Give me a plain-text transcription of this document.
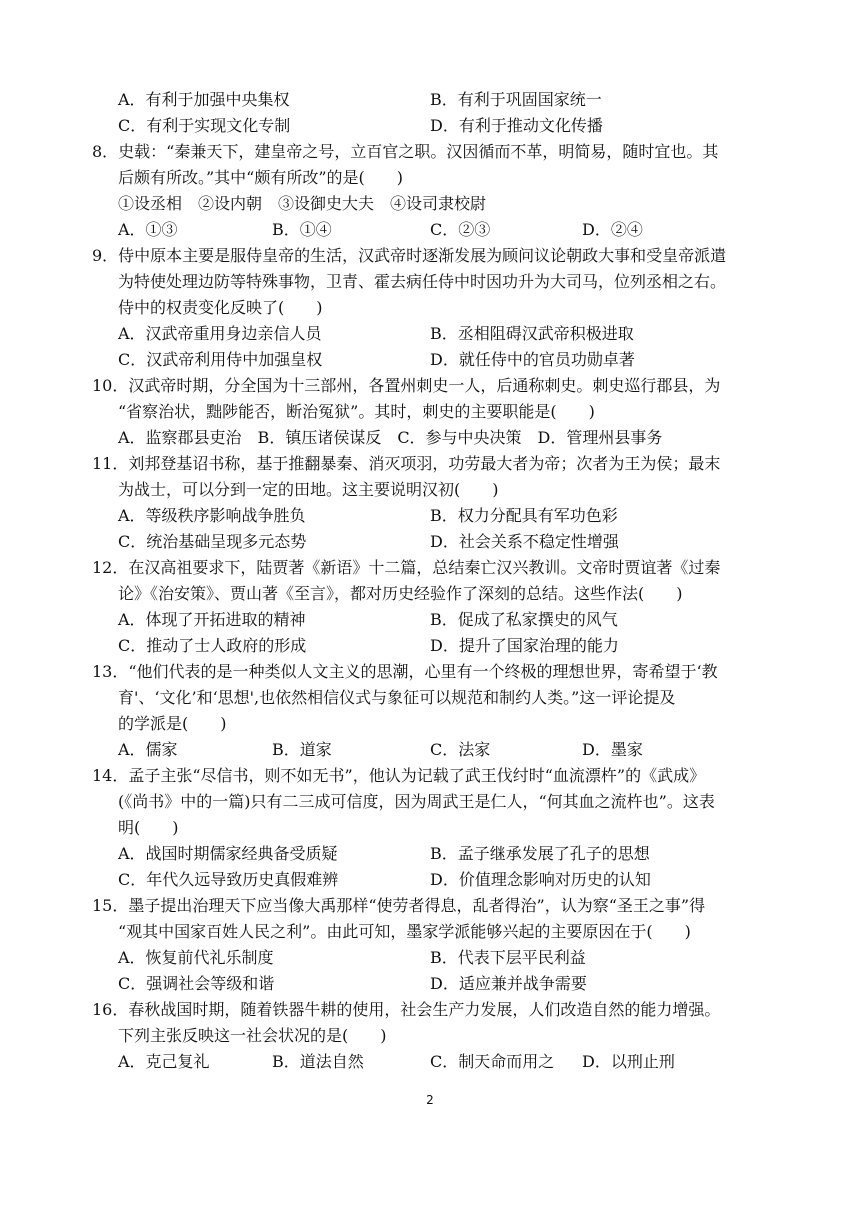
A．有利于加强中央集权	B．有利于巩固国家统一
C．有利于实现文化专制	D．有利于推动文化传播
8．史载：“秦兼天下，建皇帝之号，立百官之职。汉因循而不革，明简易，随时宜也。其
后颇有所改。”其中“颇有所改”的是(　　)
①设丞相　②设内朝　③设御史大夫　④设司隶校尉
A．①③	B．①④	C．②③	D．②④
9．侍中原本主要是服侍皇帝的生活，汉武帝时逐渐发展为顾问议论朝政大事和受皇帝派遣
为特使处理边防等特殊事物，卫青、霍去病任侍中时因功升为大司马，位列丞相之右。
侍中的权责变化反映了(　　)
A．汉武帝重用身边亲信人员	B．丞相阻碍汉武帝积极进取
C．汉武帝利用侍中加强皇权	D．就任侍中的官员功勋卓著
10．汉武帝时期，分全国为十三部州，各置州刺史一人，后通称刺史。刺史巡行郡县，为
“省察治状，黜陟能否，断治冤狱”。其时，刺史的主要职能是(　　)
A．监察郡县吏治　B．镇压诸侯谋反　C．参与中央决策　D．管理州县事务
11．刘邦登基诏书称，基于推翻暴秦、消灭项羽，功劳最大者为帝；次者为王为侯；最末
为战士，可以分到一定的田地。这主要说明汉初(　　)
A．等级秩序影响战争胜负	B．权力分配具有军功色彩
C．统治基础呈现多元态势	D．社会关系不稳定性增强
12．在汉高祖要求下，陆贾著《新语》十二篇，总结秦亡汉兴教训。文帝时贾谊著《过秦
论》《治安策》、贾山著《至言》，都对历史经验作了深刻的总结。这些作法(　　)
A．体现了开拓进取的精神	B．促成了私家撰史的风气
C．推动了士人政府的形成	D．提升了国家治理的能力
13．“他们代表的是一种类似人文主义的思潮，心里有一个终极的理想世界，寄希望于‘教
育'、‘文化’和‘思想',也依然相信仪式与象征可以规范和制约人类。”这一评论提及
的学派是(　　)
A．儒家	B．道家	C．法家	D．墨家
14．孟子主张“尽信书，则不如无书”，他认为记载了武王伐纣时“血流漂杵”的《武成》
(《尚书》中的一篇)只有二三成可信度，因为周武王是仁人，“何其血之流杵也”。这表
明(　　)
A．战国时期儒家经典备受质疑	B．孟子继承发展了孔子的思想
C．年代久远导致历史真假难辨	D．价值理念影响对历史的认知
15．墨子提出治理天下应当像大禹那样“使劳者得息，乱者得治”，认为察“圣王之事”得
“观其中国家百姓人民之利”。由此可知，墨家学派能够兴起的主要原因在于(　　)
A．恢复前代礼乐制度	B．代表下层平民利益
C．强调社会等级和谐	D．适应兼并战争需要
16．春秋战国时期，随着铁器牛耕的使用，社会生产力发展，人们改造自然的能力增强。
下列主张反映这一社会状况的是(　　)
A．克己复礼	B．道法自然	C．制天命而用之 D．以刑止刑
2
